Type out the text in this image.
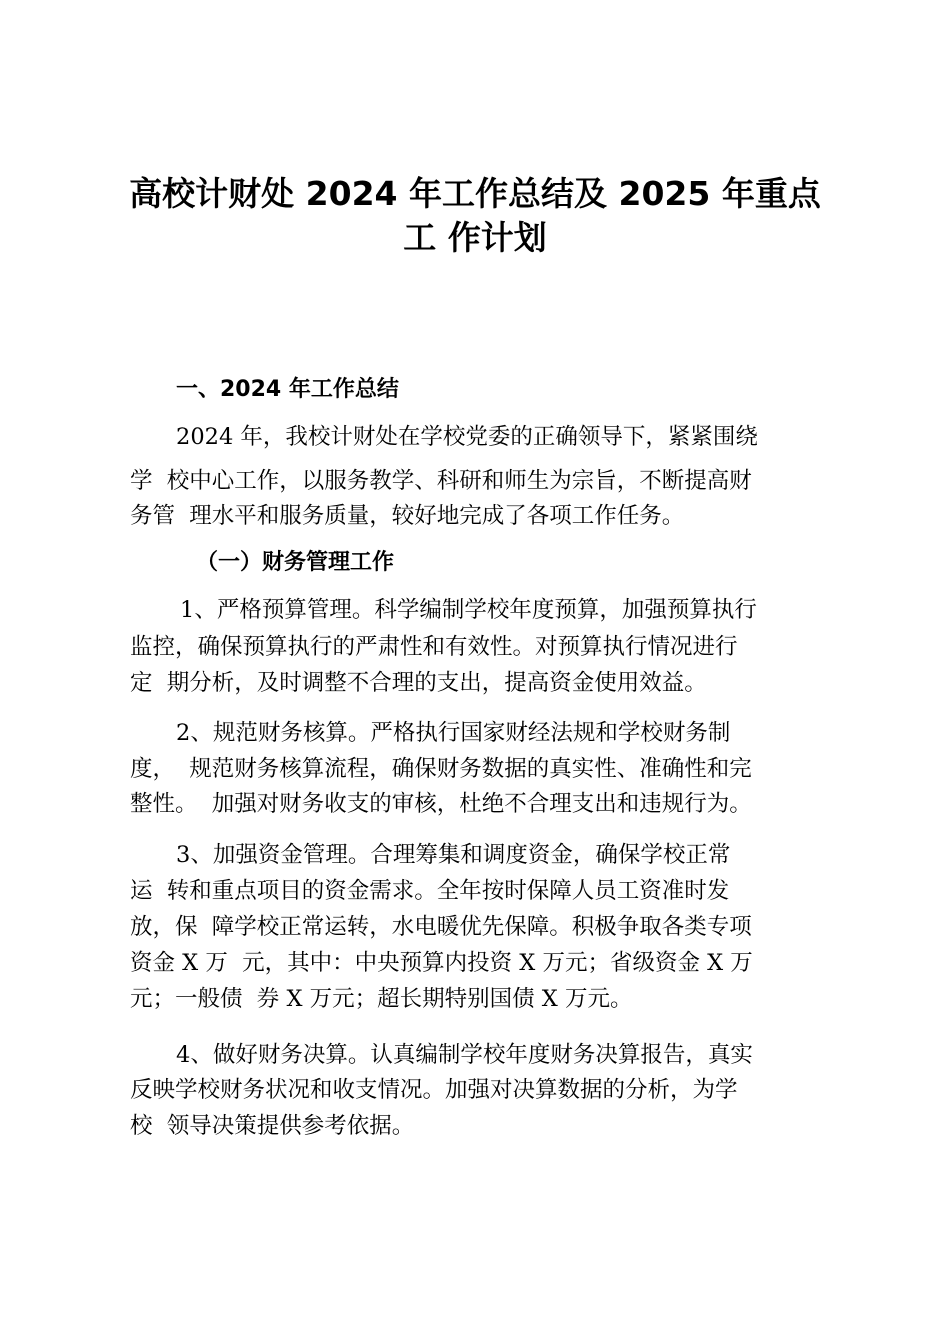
高校计财处 2024 年工作总结及 2025 年重点
工 作计划
一、2024 年工作总结
2024 年，我校计财处在学校党委的正确领导下，紧紧围绕
学  校中心工作，以服务教学、科研和师生为宗旨，不断提高财
务管  理水平和服务质量，较好地完成了各项工作任务。
（一）财务管理工作
1、严格预算管理。科学编制学校年度预算，加强预算执行
监控，确保预算执行的严肃性和有效性。对预算执行情况进行
定  期分析，及时调整不合理的支出，提高资金使用效益。
2、规范财务核算。严格执行国家财经法规和学校财务制
度，  规范财务核算流程，确保财务数据的真实性、准确性和完
整性。  加强对财务收支的审核，杜绝不合理支出和违规行为。
3、加强资金管理。合理筹集和调度资金，确保学校正常
运  转和重点项目的资金需求。全年按时保障人员工资准时发
放，保  障学校正常运转，水电暖优先保障。积极争取各类专项
资金 X 万  元，其中：中央预算内投资 X 万元；省级资金 X 万
元；一般债  券 X 万元；超长期特别国债 X 万元。
4、做好财务决算。认真编制学校年度财务决算报告，真实
反映学校财务状况和收支情况。加强对决算数据的分析，为学
校  领导决策提供参考依据。
